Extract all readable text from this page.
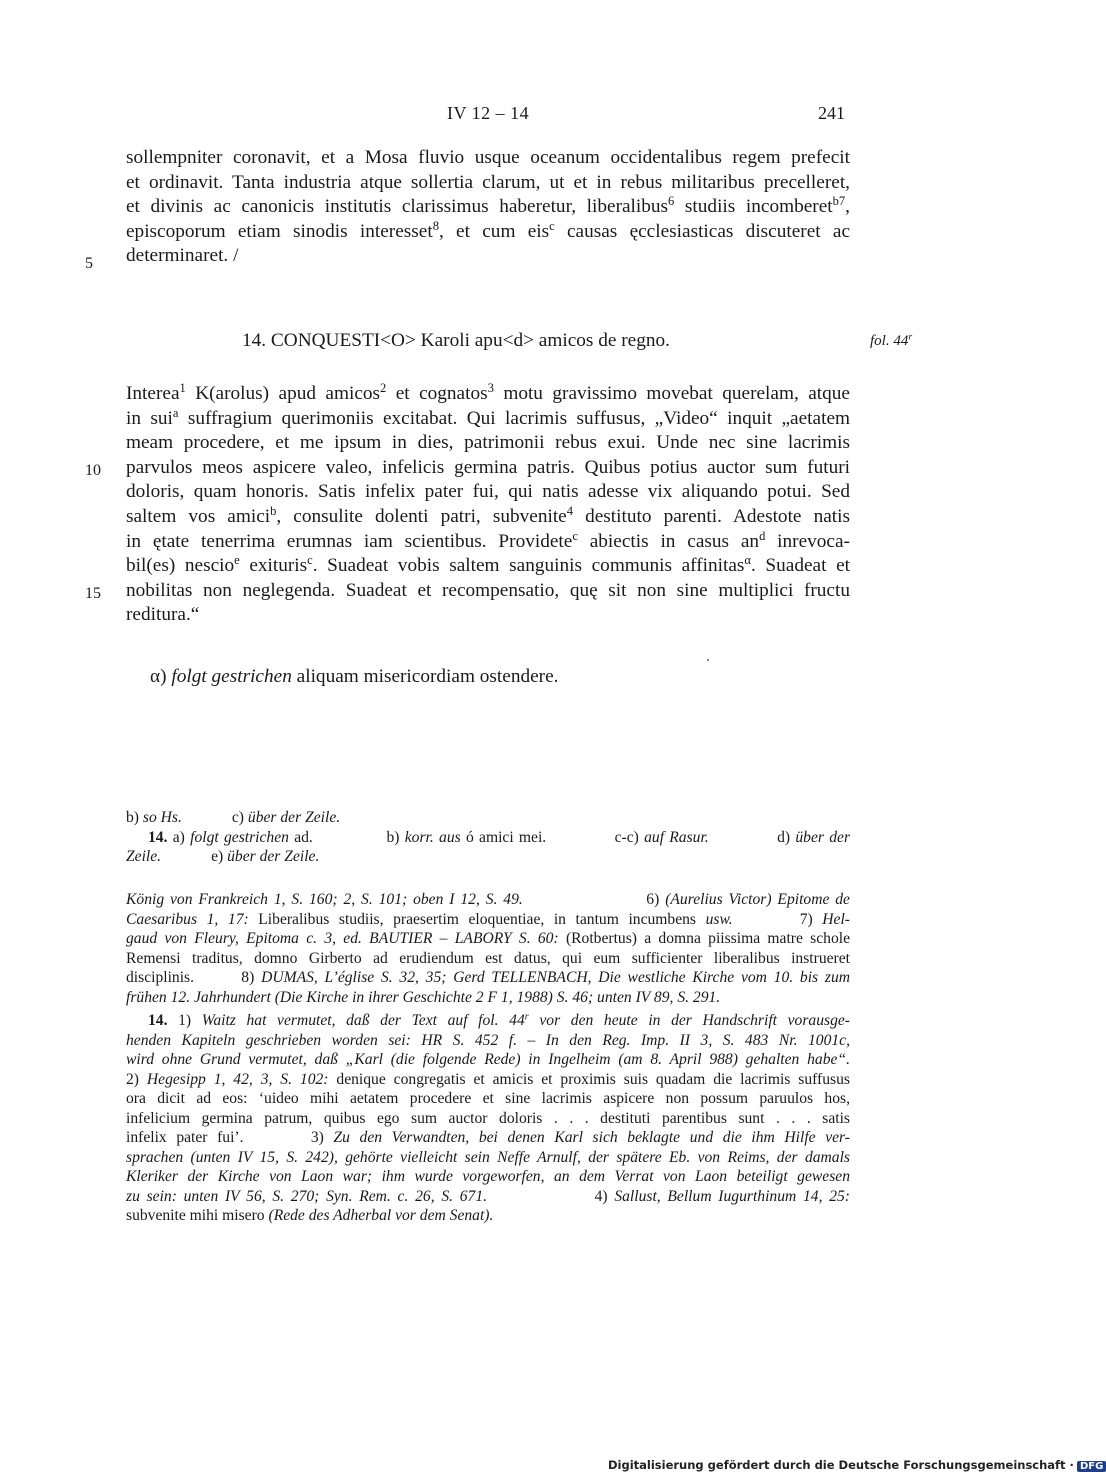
IV 12 – 14	241
sollempniter coronavit, et a Mosa fluvio usque oceanum occidentalibus regem prefecit
et ordinavit. Tanta industria atque sollertia clarum, ut et in rebus militaribus precelleret,
et divinis ac canonicis institutis clarissimus haberetur, liberalibus$^6$ studiis incomberet$^{b7}$,
episcoporum etiam sinodis interesset$^8$, et cum eis$^c$ causas ęcclesiasticas discuteret ac
determinaret. /
5
14. CONQUESTI<O> Karoli apu<d> amicos de regno.	fol. 44$^r$
Interea$^1$ K(arolus) apud amicos$^2$ et cognatos$^3$ motu gravissimo movebat querelam, atque
in sui$^a$ suffragium querimoniis excitabat. Qui lacrimis suffusus, „Video“ inquit „aetatem
meam procedere, et me ipsum in dies, patrimonii rebus exui. Unde nec sine lacrimis
parvulos meos aspicere valeo, infelicis germina patris. Quibus potius auctor sum futuri
doloris, quam honoris. Satis infelix pater fui, qui natis adesse vix aliquando potui. Sed
saltem vos amici$^b$, consulite dolenti patri, subvenite$^4$ destituto parenti. Adestote natis
in ętate tenerrima erumnas iam scientibus. Providete$^c$ abiectis in casus $an^d$ inrevoca-
bil(es) nescio$^e$ exituris$^c$. Suadeat vobis saltem sanguinis communis affinitas$^\alpha$. Suadeat et
nobilitas non neglegenda. Suadeat et recompensatio, quę sit non sine multiplici fructu
reditura.“
10
15
α) folgt gestrichen aliquam misericordiam ostendere.
b) so Hs.	c) über der Zeile.
14. a) folgt gestrichen ad.              b) korr. aus ó amici mei.             c-c) auf Rasur.             d) über der
Zeile.	e) über der Zeile.
König von Frankreich 1, S. 160; 2, S. 101; oben I 12, S. 49.                     6) (Aurelius Victor) Epitome de
Caesaribus 1, 17: Liberalibus studiis, praesertim eloquentiae, in tantum incumbens usw.       7) Hel-
gaud von Fleury, Epitoma c. 3, ed. BAUTIER – LABORY S. 60: (Rotbertus) a domna piissima matre schole
Remensi traditus, domno Girberto ad erudiendum est datus, qui eum sufficienter liberalibus instrueret
disciplinis.       8) DUMAS, L’église S. 32, 35; Gerd TELLENBACH, Die westliche Kirche vom 10. bis zum
frühen 12. Jahrhundert (Die Kirche in ihrer Geschichte 2 F 1, 1988) S. 46; unten IV 89, S. 291.
14. 1) Waitz hat vermutet, daß der Text auf fol. 44$^r$ vor den heute in der Handschrift vorausge-
henden Kapiteln geschrieben worden sei: HR S. 452 f. – In den Reg. Imp. II 3, S. 483 Nr. 1001c,
wird ohne Grund vermutet, daß „Karl (die folgende Rede) in Ingelheim (am 8. April 988) gehalten habe“.
2) Hegesipp 1, 42, 3, S. 102: denique congregatis et amicis et proximis suis quadam die lacrimis suffusus
ora dicit ad eos: ‘uideo mihi aetatem procedere et sine lacrimis aspicere non possum paruulos hos,
infelicium germina patrum, quibus ego sum auctor doloris . . . destituti parentibus sunt . . . satis
infelix pater fui’.       3) Zu den Verwandten, bei denen Karl sich beklagte und die ihm Hilfe ver-
sprachen (unten IV 15, S. 242), gehörte vielleicht sein Neffe Arnulf, der spätere Eb. von Reims, der damals
Kleriker der Kirche von Laon war; ihm wurde vorgeworfen, an dem Verrat von Laon beteiligt gewesen
zu sein: unten IV 56, S. 270; Syn. Rem. c. 26, S. 671.                4) Sallust, Bellum Iugurthinum 14, 25:
subvenite mihi misero (Rede des Adherbal vor dem Senat).
Digitalisierung gefördert durch die Deutsche Forschungsgemeinschaft · DFG
